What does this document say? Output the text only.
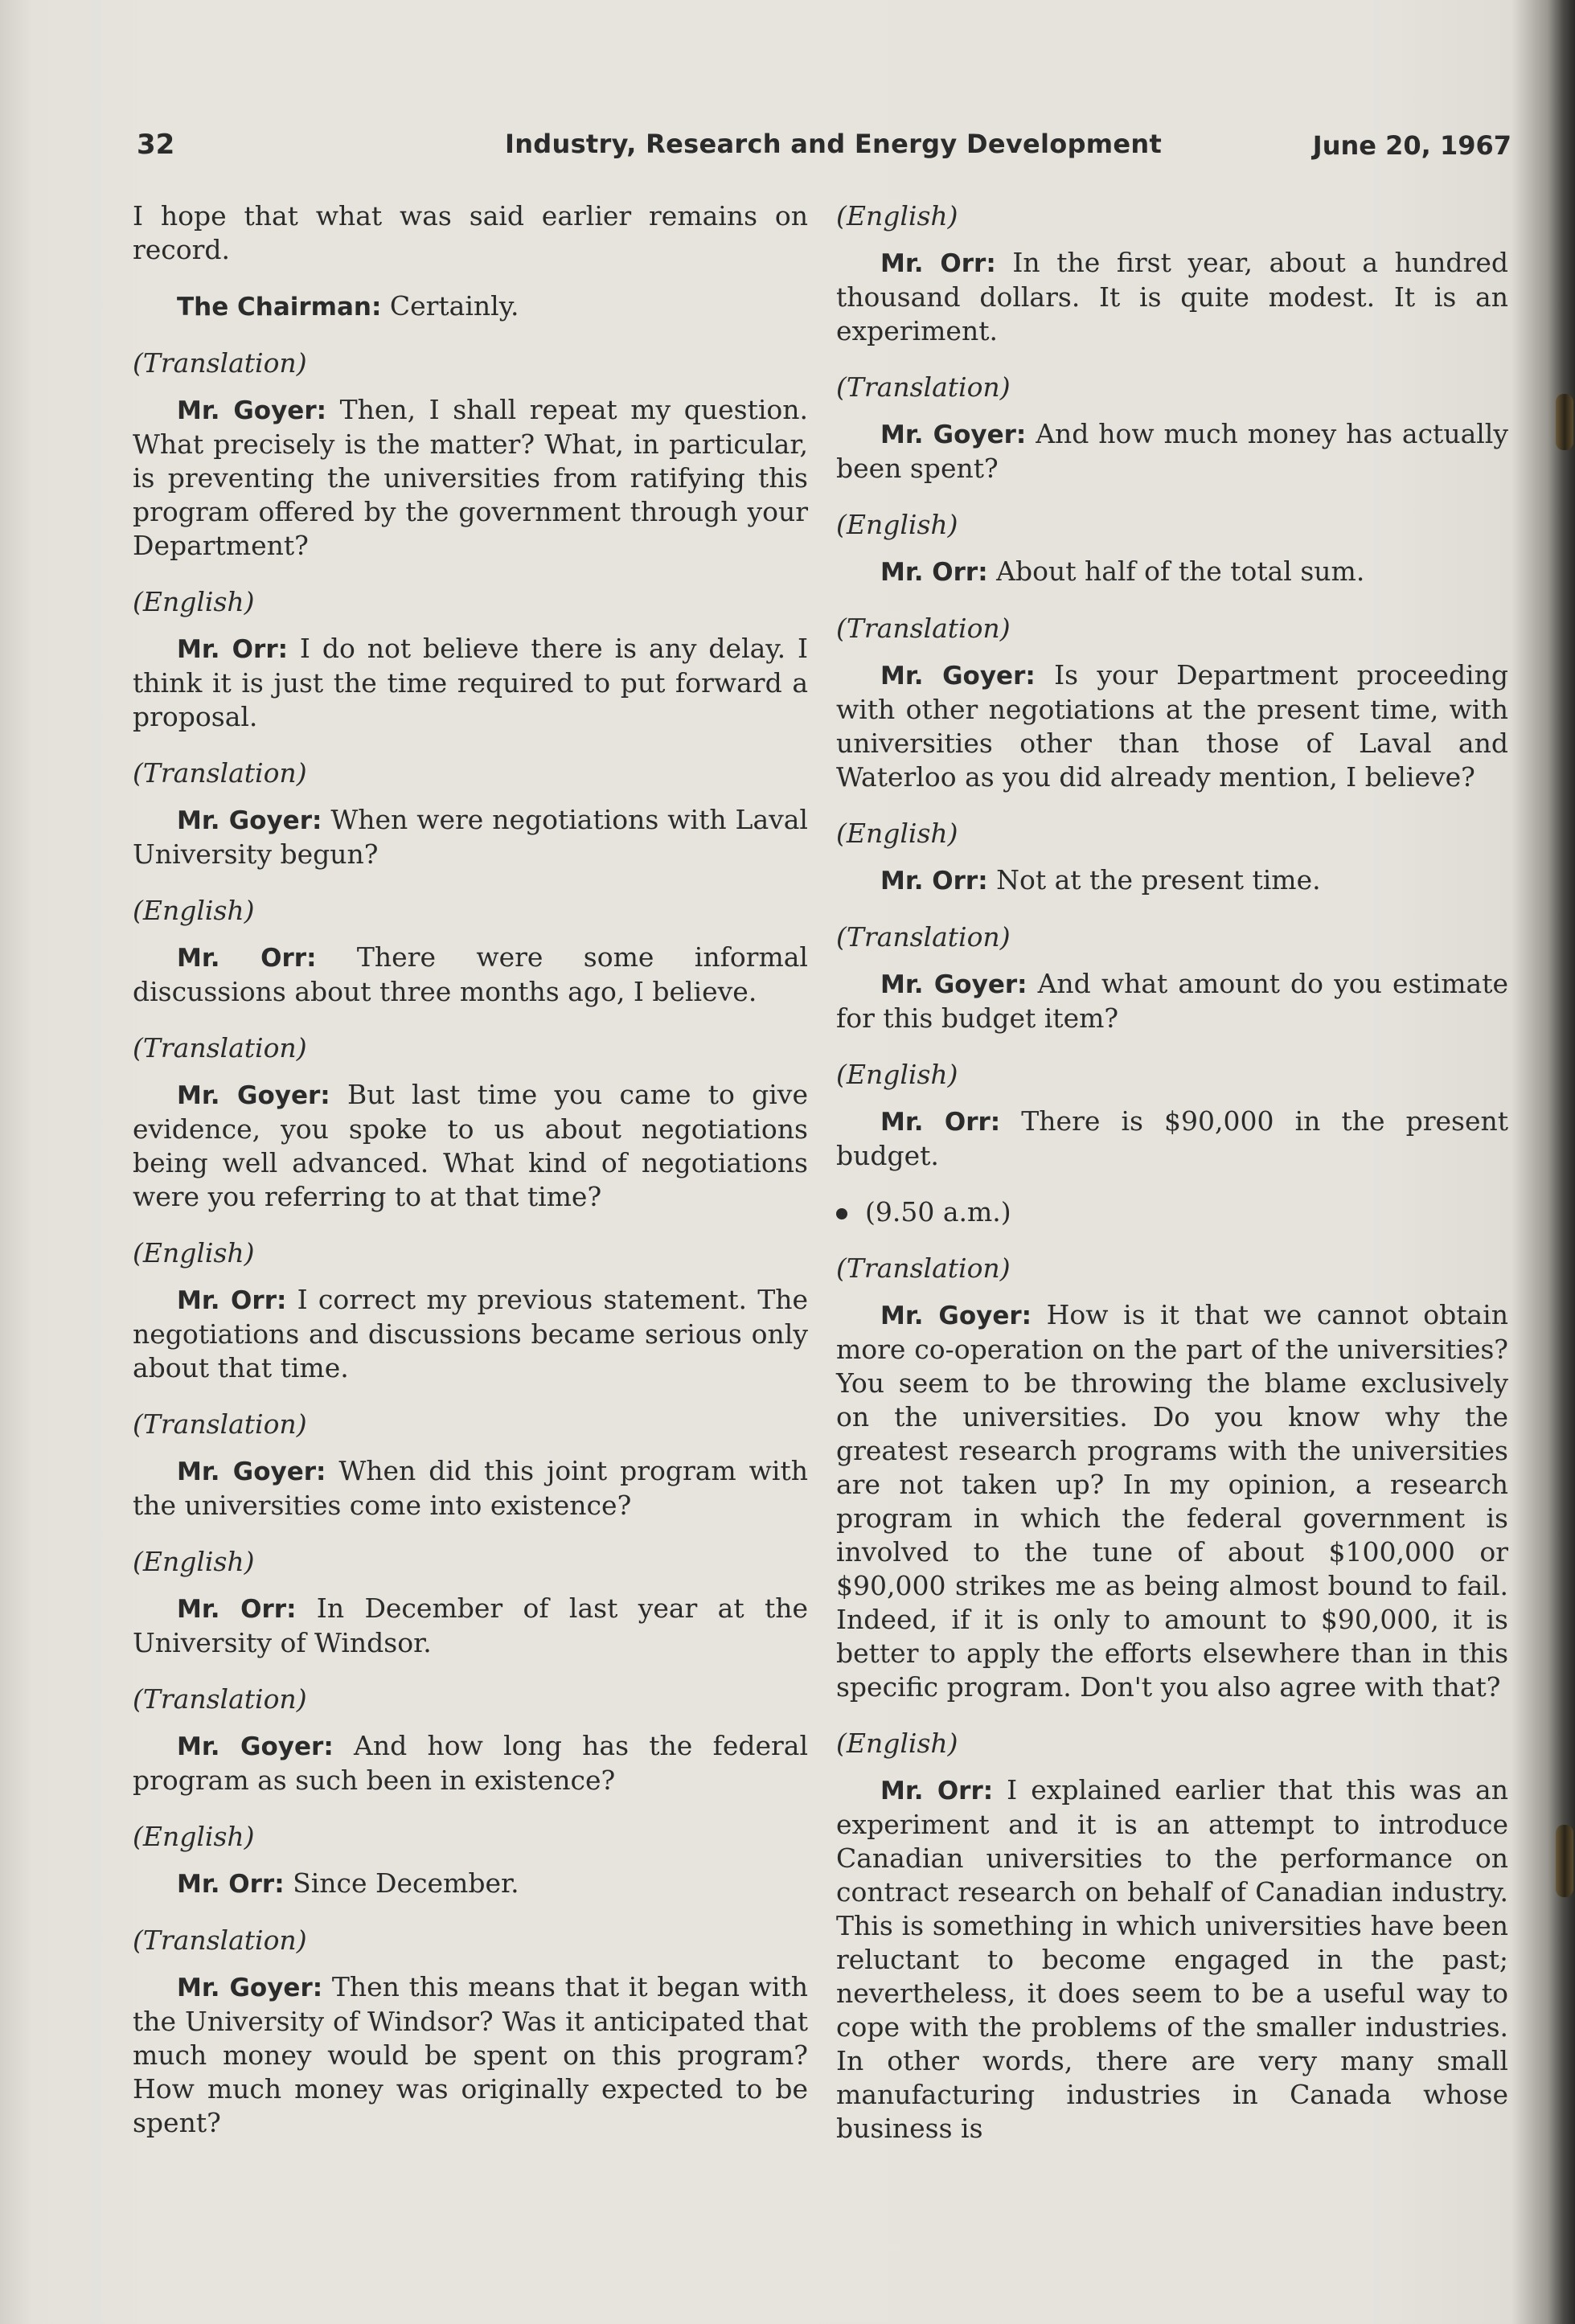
32	Industry, Research and Energy Development	June 20, 1967

I hope that what was said earlier remains on record.

The Chairman: Certainly.

(Translation)

Mr. Goyer: Then, I shall repeat my question. What precisely is the matter? What, in particular, is preventing the universities from ratifying this program offered by the government through your Department?

(English)

Mr. Orr: I do not believe there is any delay. I think it is just the time required to put forward a proposal.

(Translation)

Mr. Goyer: When were negotiations with Laval University begun?

(English)

Mr. Orr: There were some informal discussions about three months ago, I believe.

(Translation)

Mr. Goyer: But last time you came to give evidence, you spoke to us about negotiations being well advanced. What kind of negotiations were you referring to at that time?

(English)

Mr. Orr: I correct my previous statement. The negotiations and discussions became serious only about that time.

(Translation)

Mr. Goyer: When did this joint program with the universities come into existence?

(English)

Mr. Orr: In December of last year at the University of Windsor.

(Translation)

Mr. Goyer: And how long has the federal program as such been in existence?

(English)

Mr. Orr: Since December.

(Translation)

Mr. Goyer: Then this means that it began with the University of Windsor? Was it anticipated that much money would be spent on this program? How much money was originally expected to be spent?

(English)

Mr. Orr: In the first year, about a hundred thousand dollars. It is quite modest. It is an experiment.

(Translation)

Mr. Goyer: And how much money has actually been spent?

(English)

Mr. Orr: About half of the total sum.

(Translation)

Mr. Goyer: Is your Department proceeding with other negotiations at the present time, with universities other than those of Laval and Waterloo as you did already mention, I believe?

(English)

Mr. Orr: Not at the present time.

(Translation)

Mr. Goyer: And what amount do you estimate for this budget item?

(English)

Mr. Orr: There is $90,000 in the present budget.

(9.50 a.m.)
(Translation)

Mr. Goyer: How is it that we cannot obtain more co-operation on the part of the universities? You seem to be throwing the blame exclusively on the universities. Do you know why the greatest research programs with the universities are not taken up? In my opinion, a research program in which the federal government is involved to the tune of about $100,000 or $90,000 strikes me as being almost bound to fail. Indeed, if it is only to amount to $90,000, it is better to apply the efforts elsewhere than in this specific program. Don't you also agree with that?

(English)

Mr. Orr: I explained earlier that this was an experiment and it is an attempt to introduce Canadian universities to the performance on contract research on behalf of Canadian industry. This is something in which universities have been reluctant to become engaged in the past; nevertheless, it does seem to be a useful way to cope with the problems of the smaller industries. In other words, there are very many small manufacturing industries in Canada whose business is
